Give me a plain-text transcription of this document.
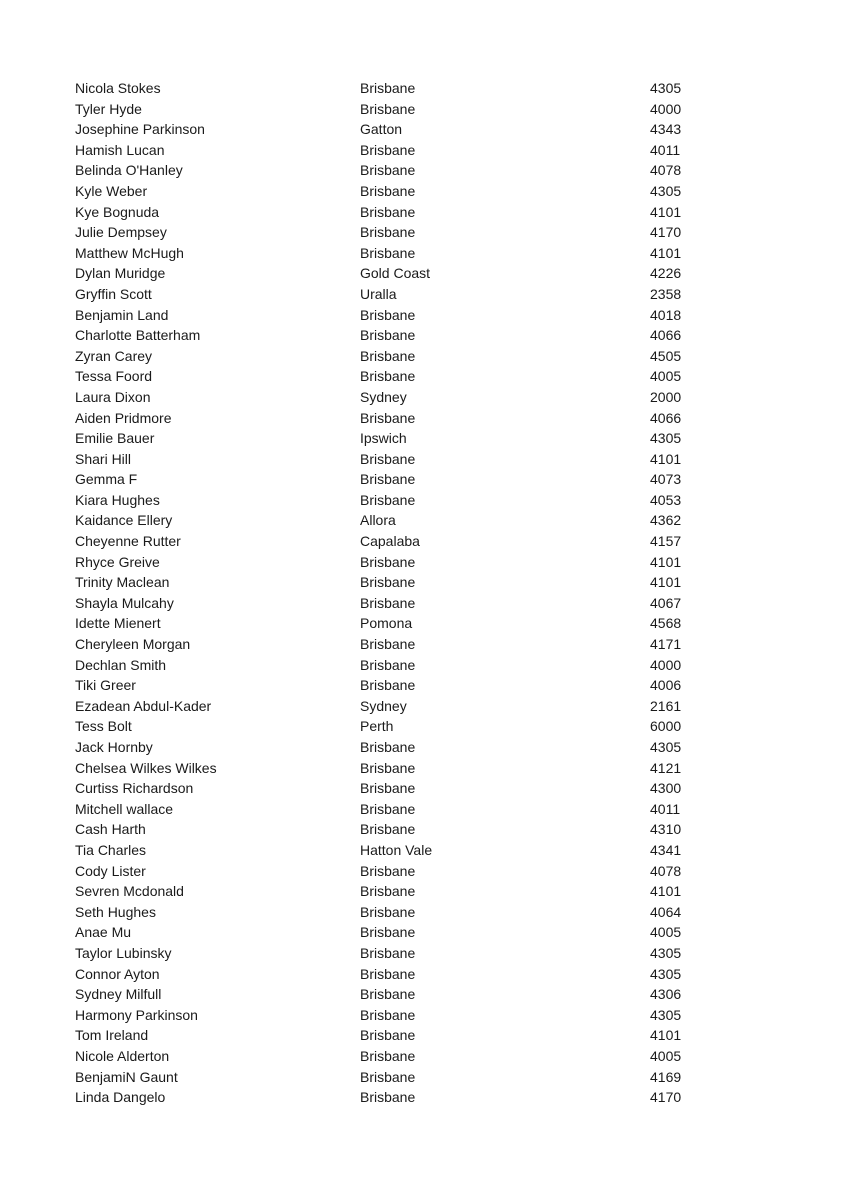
Nicola Stokes	Brisbane	4305
Tyler Hyde	Brisbane	4000
Josephine Parkinson	Gatton	4343
Hamish Lucan	Brisbane	4011
Belinda O'Hanley	Brisbane	4078
Kyle Weber	Brisbane	4305
Kye Bognuda	Brisbane	4101
Julie Dempsey	Brisbane	4170
Matthew McHugh	Brisbane	4101
Dylan Muridge	Gold Coast	4226
Gryffin Scott	Uralla	2358
Benjamin Land	Brisbane	4018
Charlotte Batterham	Brisbane	4066
Zyran Carey	Brisbane	4505
Tessa Foord	Brisbane	4005
Laura Dixon	Sydney	2000
Aiden Pridmore	Brisbane	4066
Emilie Bauer	Ipswich	4305
Shari Hill	Brisbane	4101
Gemma F	Brisbane	4073
Kiara Hughes	Brisbane	4053
Kaidance Ellery	Allora	4362
Cheyenne Rutter	Capalaba	4157
Rhyce Greive	Brisbane	4101
Trinity Maclean	Brisbane	4101
Shayla Mulcahy	Brisbane	4067
Idette Mienert	Pomona	4568
Cheryleen Morgan	Brisbane	4171
Dechlan Smith	Brisbane	4000
Tiki Greer	Brisbane	4006
Ezadean Abdul-Kader	Sydney	2161
Tess Bolt	Perth	6000
Jack Hornby	Brisbane	4305
Chelsea Wilkes Wilkes	Brisbane	4121
Curtiss Richardson	Brisbane	4300
Mitchell wallace	Brisbane	4011
Cash Harth	Brisbane	4310
Tia Charles	Hatton Vale	4341
Cody Lister	Brisbane	4078
Sevren Mcdonald	Brisbane	4101
Seth Hughes	Brisbane	4064
Anae Mu	Brisbane	4005
Taylor Lubinsky	Brisbane	4305
Connor Ayton	Brisbane	4305
Sydney Milfull	Brisbane	4306
Harmony Parkinson	Brisbane	4305
Tom Ireland	Brisbane	4101
Nicole Alderton	Brisbane	4005
BenjamiN Gaunt	Brisbane	4169
Linda Dangelo	Brisbane	4170
